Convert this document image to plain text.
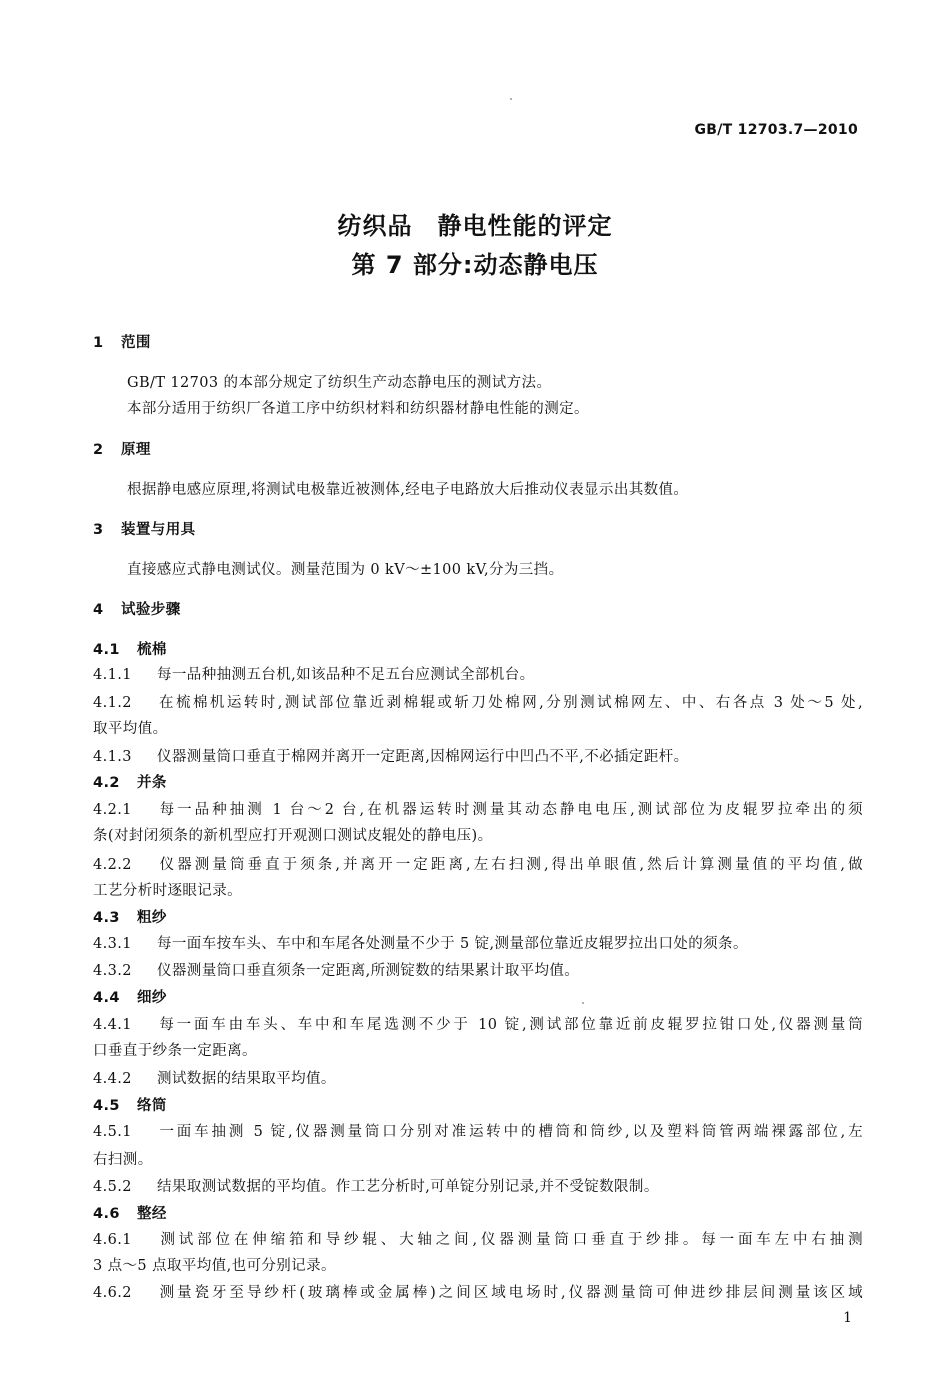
GB/T 12703.7—2010
纺织品　静电性能的评定
第 7 部分:动态静电压
1 范围
GB/T 12703 的本部分规定了纺织生产动态静电压的测试方法。
本部分适用于纺织厂各道工序中纺织材料和纺织器材静电性能的测定。
2 原理
根据静电感应原理,将测试电极靠近被测体,经电子电路放大后推动仪表显示出其数值。
3 装置与用具
直接感应式静电测试仪。测量范围为 0 kV～±100 kV,分为三挡。
4 试验步骤
4.1 梳棉
4.1.1 每一品种抽测五台机,如该品种不足五台应测试全部机台。
4.1.2 在梳棉机运转时,测试部位靠近剥棉辊或斩刀处棉网,分别测试棉网左、中、右各点 3 处～5 处,
取平均值。
4.1.3 仪器测量筒口垂直于棉网并离开一定距离,因棉网运行中凹凸不平,不必插定距杆。
4.2 并条
4.2.1 每一品种抽测 1 台～2 台,在机器运转时测量其动态静电电压,测试部位为皮辊罗拉牵出的须
条(对封闭须条的新机型应打开观测口测试皮辊处的静电压)。
4.2.2 仪器测量筒垂直于须条,并离开一定距离,左右扫测,得出单眼值,然后计算测量值的平均值,做
工艺分析时逐眼记录。
4.3 粗纱
4.3.1 每一面车按车头、车中和车尾各处测量不少于 5 锭,测量部位靠近皮辊罗拉出口处的须条。
4.3.2 仪器测量筒口垂直须条一定距离,所测锭数的结果累计取平均值。
4.4 细纱
4.4.1 每一面车由车头、车中和车尾选测不少于 10 锭,测试部位靠近前皮辊罗拉钳口处,仪器测量筒
口垂直于纱条一定距离。
4.4.2 测试数据的结果取平均值。
4.5 络筒
4.5.1 一面车抽测 5 锭,仪器测量筒口分别对准运转中的槽筒和筒纱,以及塑料筒管两端裸露部位,左
右扫测。
4.5.2 结果取测试数据的平均值。作工艺分析时,可单锭分别记录,并不受锭数限制。
4.6 整经
4.6.1 测试部位在伸缩筘和导纱辊、大轴之间,仪器测量筒口垂直于纱排。每一面车左中右抽测
3 点～5 点取平均值,也可分别记录。
4.6.2 测量瓷牙至导纱杆(玻璃棒或金属棒)之间区域电场时,仪器测量筒可伸进纱排层间测量该区域
1
